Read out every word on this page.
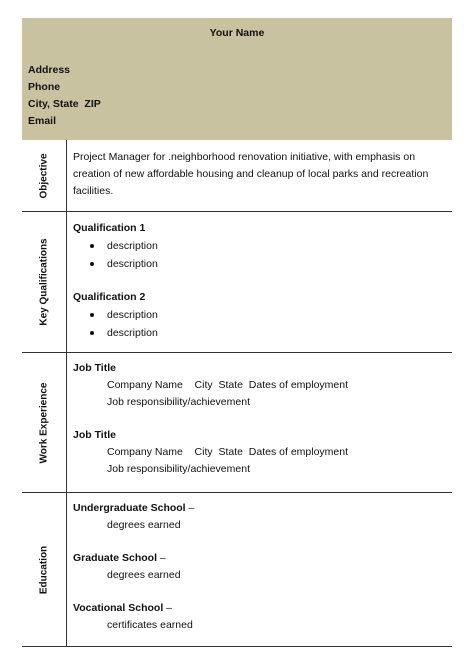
Your Name
Address
Phone
City, State  ZIP
Email
Objective Project Manager for .neighborhood renovation initiative, with emphasis on creation of new affordable housing and cleanup of local parks and recreation facilities.
Key Qualifications
Qualification 1
description
description
Qualification 2
description
description
Work Experience
Job Title
Company Name    City  State  Dates of employment
Job responsibility/achievement
Job Title
Company Name    City  State  Dates of employment
Job responsibility/achievement
Education
Undergraduate School –
degrees earned
Graduate School –
degrees earned
Vocational School –
certificates earned
